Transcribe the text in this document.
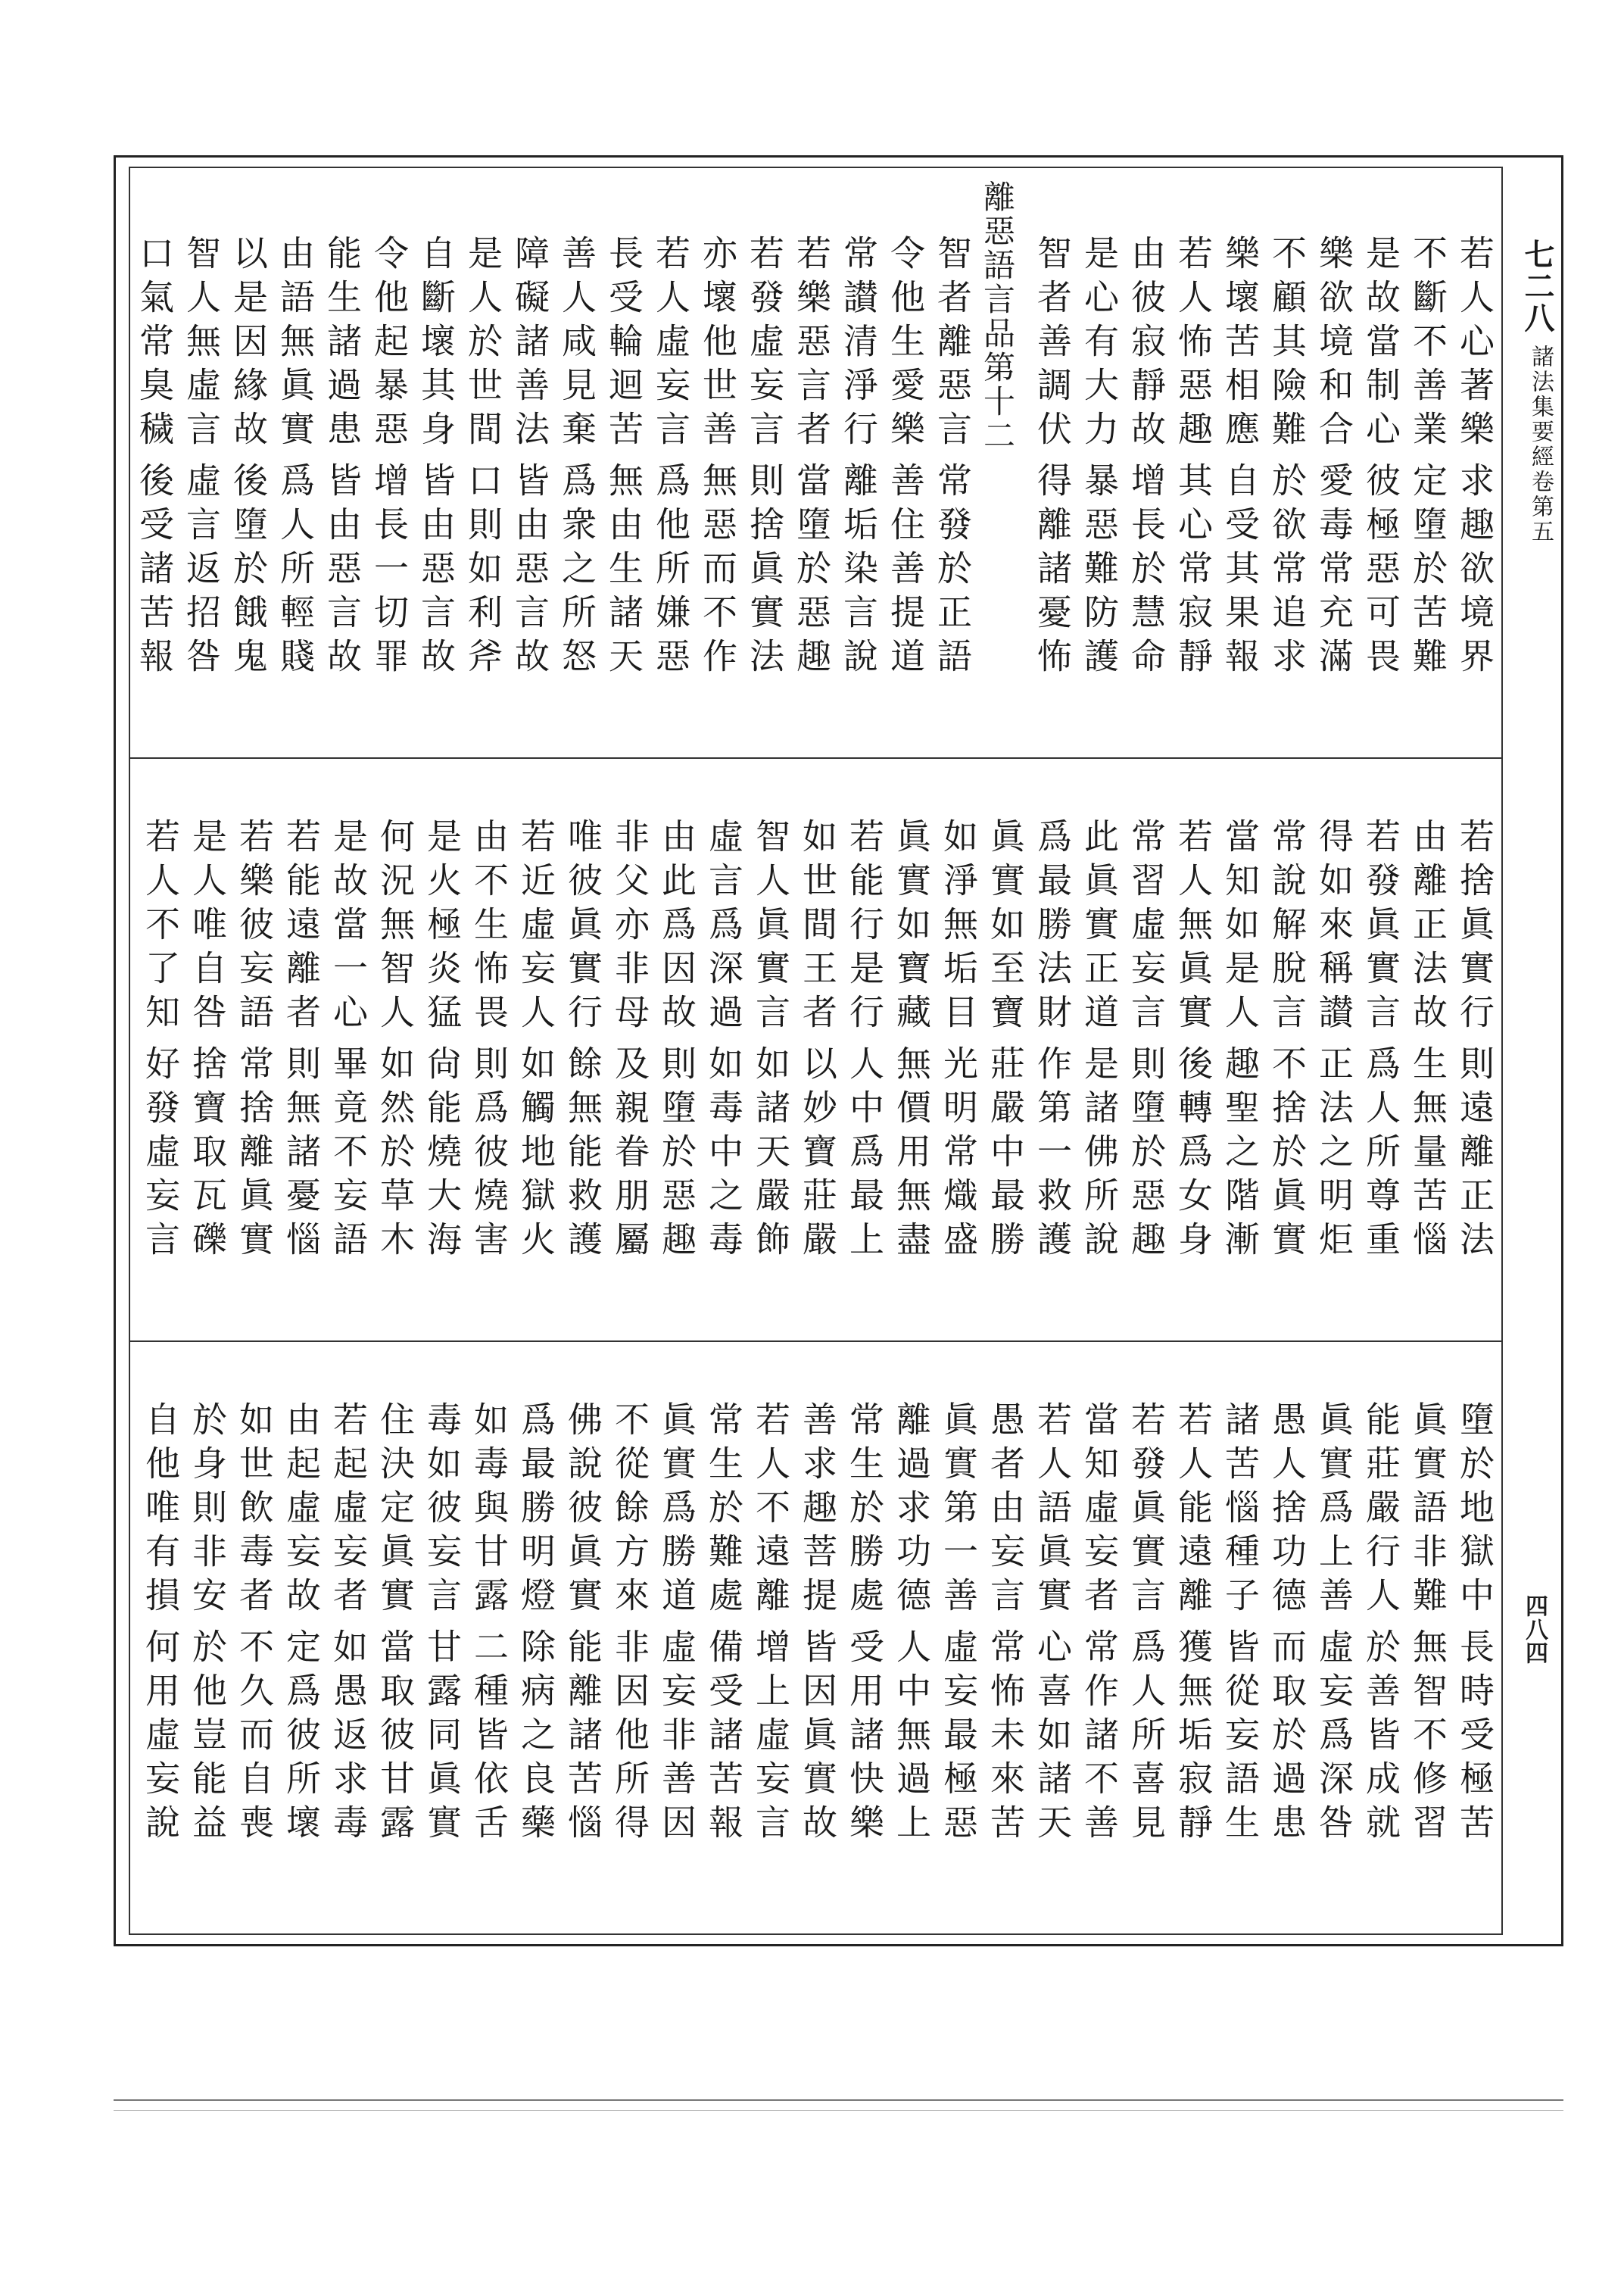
七二八
諸法集要經卷第五
四八四
離惡語言品第十二	若人心著樂
求趣欲境界
不斷不善業
定墮於苦難
是故當制心
彼極惡可畏
樂欲境和合
愛毒常充滿
不顧其險難
於欲常追求
樂壞苦相應
自受其果報
若人怖惡趣
其心常寂靜
由彼寂靜故
增長於慧命
是心有大力
暴惡難防護
智者善調伏
得離諸憂怖
智者離惡言
常發於正語
令他生愛樂
善住善提道
常讃清淨行
離垢染言說
若樂惡言者
當墮於惡趣
若發虛妄言
則捨眞實法
亦壞他世善
無惡而不作
若人虛妄言
爲他所嫌惡
長受輪迴苦
無由生諸天
善人咸見棄
爲衆之所怒
障礙諸善法
皆由惡言故
是人於世間
口則如利斧
自斷壞其身
皆由惡言故
令他起暴惡
增長一切罪
能生諸過患
皆由惡言故
由語無眞實
爲人所輕賤
以是因緣故
後墮於餓鬼
智人無虛言
虛言返招咎
口氣常臭穢
後受諸苦報
若捨眞實行
則遠離正法
由離正法故
生無量苦惱
若發眞實言
爲人所尊重
得如來稱讃
正法之明炬
常說解脫言
不捨於眞實
當知如是人
趣聖之階漸
若人無眞實
後轉爲女身
常習虛妄言
則墮於惡趣
此眞實正道
是諸佛所說
爲最勝法財
作第一救護
眞實如至寶
莊嚴中最勝
如淨無垢目
光明常熾盛
眞實如寶藏
無價用無盡
若能行是行
人中爲最上
如世間王者
以妙寶莊嚴
智人眞實言
如諸天嚴飾
虛言爲深過
如毒中之毒
由此爲因故
則墮於惡趣
非父亦非母
及親眷朋屬
唯彼眞實行
餘無能救護
若近虛妄人
如觸地獄火
由不生怖畏
則爲彼燒害
是火極炎猛
尙能燒大海
何況無智人
如然於草木
是故當一心
畢竟不妄語
若能遠離者
則無諸憂惱
若樂彼妄語
常捨離眞實
是人唯自咎
捨寶取瓦礫
若人不了知
好發虛妄言
墮於地獄中
長時受極苦
眞實語非難
無智不修習
能莊嚴行人
於善皆成就
眞實爲上善
虛妄爲深咎
愚人捨功德
而取於過患
諸苦惱種子
皆從妄語生
若人能遠離
獲無垢寂靜
若發眞實言
爲人所喜見
當知虛妄者
常作諸不善
若人語眞實
心喜如諸天
愚者由妄言
常怖未來苦
眞實第一善
虛妄最極惡
離過求功德
人中無過上
常生於勝處
受用諸快樂
善求趣菩提
皆因眞實故
若人不遠離
增上虛妄言
常生於難處
備受諸苦報
眞實爲勝道
虛妄非善因
不從餘方來
非因他所得
佛說彼眞實
能離諸苦惱
爲最勝明燈
除病之良藥
如毒與甘露
二種皆依舌
毒如彼妄言
甘露同眞實
住決定眞實
當取彼甘露
若起虛妄者
如愚返求毒
由起虛妄故
定爲彼所壞
如世飲毒者
不久而自喪
於身則非安
於他豈能益
自他唯有損
何用虛妄說
